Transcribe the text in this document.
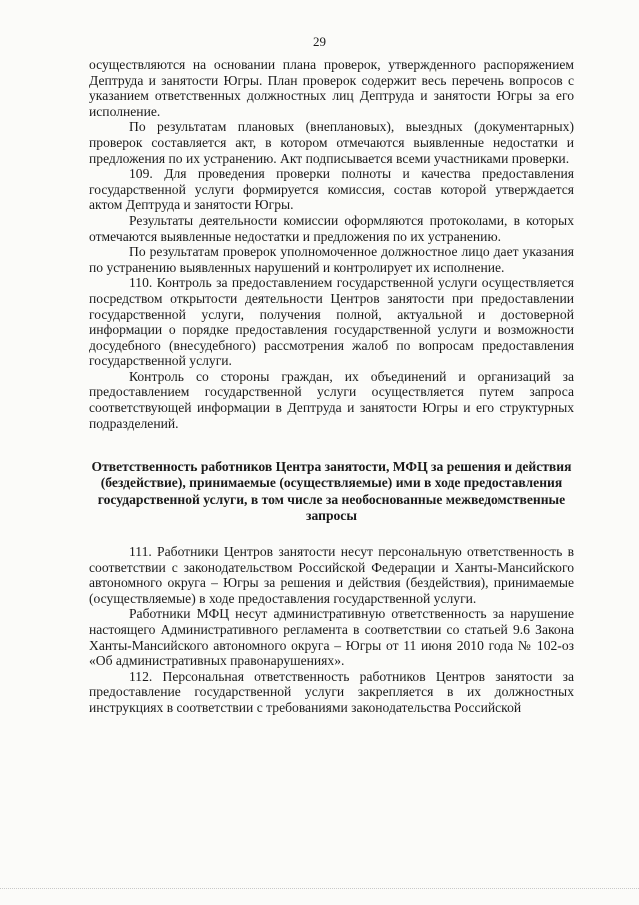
29

осуществляются на основании плана проверок, утвержденного распоряжением Дептруда и занятости Югры. План проверок содержит весь перечень вопросов с указанием ответственных должностных лиц Дептруда и занятости Югры за его исполнение.

По результатам плановых (внеплановых), выездных (документарных) проверок составляется акт, в котором отмечаются выявленные недостатки и предложения по их устранению. Акт подписывается всеми участниками проверки.

109. Для проведения проверки полноты и качества предоставления государственной услуги формируется комиссия, состав которой утверждается актом Дептруда и занятости Югры.

Результаты деятельности комиссии оформляются протоколами, в которых отмечаются выявленные недостатки и предложения по их устранению.

По результатам проверок уполномоченное должностное лицо дает указания по устранению выявленных нарушений и контролирует их исполнение.

110. Контроль за предоставлением государственной услуги осуществляется посредством открытости деятельности Центров занятости при предоставлении государственной услуги, получения полной, актуальной и достоверной информации о порядке предоставления государственной услуги и возможности досудебного (внесудебного) рассмотрения жалоб по вопросам предоставления государственной услуги.

Контроль со стороны граждан, их объединений и организаций за предоставлением государственной услуги осуществляется путем запроса соответствующей информации в Дептруда и занятости Югры и его структурных подразделений.

Ответственность работников Центра занятости, МФЦ за решения и действия (бездействие), принимаемые (осуществляемые) ими в ходе предоставления государственной услуги, в том числе за необоснованные межведомственные запросы

111. Работники Центров занятости несут персональную ответственность в соответствии с законодательством Российской Федерации и Ханты-Мансийского автономного округа – Югры за решения и действия (бездействия), принимаемые (осуществляемые) в ходе предоставления государственной услуги.

Работники МФЦ несут административную ответственность за нарушение настоящего Административного регламента в соответствии со статьей 9.6 Закона Ханты-Мансийского автономного округа – Югры от 11 июня 2010 года № 102-оз «Об административных правонарушениях».

112. Персональная ответственность работников Центров занятости за предоставление государственной услуги закрепляется в их должностных инструкциях в соответствии с требованиями законодательства Российской
